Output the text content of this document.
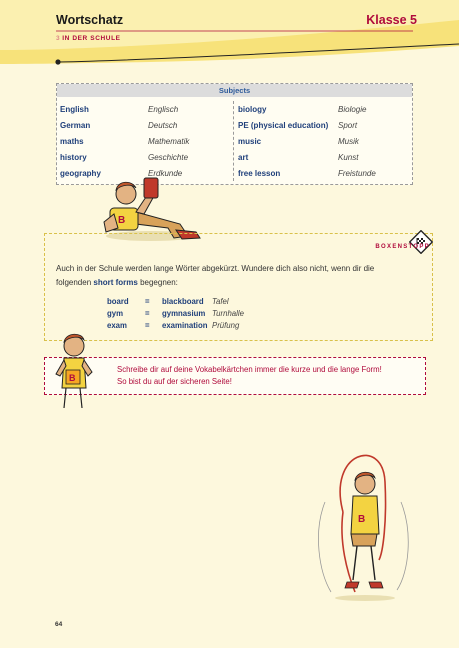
Wortschatz	Klasse 5
3 IN DER SCHULE
Subjects
English	Englisch
German	Deutsch
maths	Mathematik
history	Geschichte
geography	Erdkunde
biology	Biologie
PE (physical education) Sport
music	Musik
art	Kunst
free lesson	Freistunde
B
BOXENSTOPP
Auch in der Schule werden lange Wörter abgekürzt. Wundere dich also nicht, wenn dir die
folgenden short forms begegnen:
board = blackboard Tafel
gym	= gymnasium Turnhalle
exam = examination Prüfung
Schreibe dir auf deine Vokabelkärtchen immer die kurze und die lange Form!
So bist du auf der sicheren Seite!
B
B
64
